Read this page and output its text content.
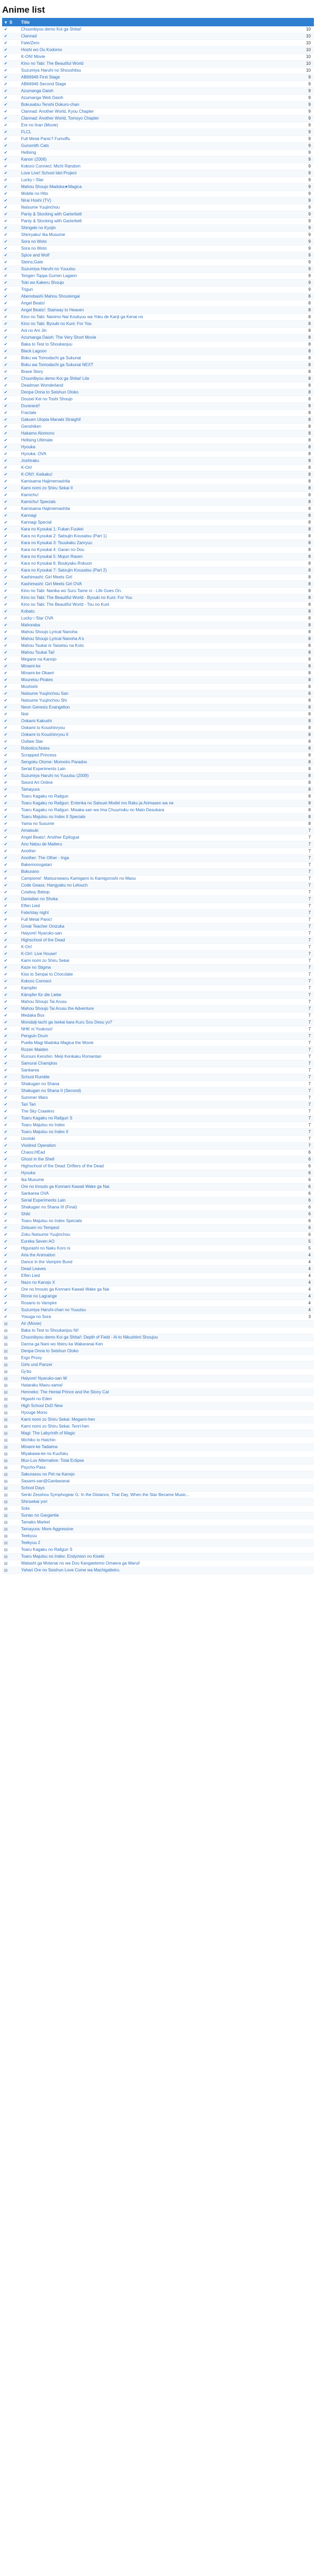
Anime list
▾ S	Title
✔	Chuunibyou demo Koi ga Shitai!	10
✔	Clannad	10
✔	Fate/Zero	10
✔	Hoshi wo Ou Kodomo	10
✔	K-ON! Movie	10
✔	Kino no Tabi: The Beautiful World	10
✔	Suzumiya Haruhi no Shoushitsu	10
✔	AB66946 First Stage	9
✔	AB66946 Second Stage	9
✔	Azumanga Daioh	9
✔	Azumanga Web Daioh	9
✔	Bokusatsu Tenshi Dokuro-chan	9
✔	Clannad: Another World, Kyou Chapter	9
✔	Clannad: Another World, Tomoyo Chapter	9
✔	Ere no Iiran (Movie)	9
✔	FLCL	9
✔	Full Metal Panic? Fumoffu	9
✔	Gunsmith Cats	9
✔	Hellsing	9
✔	Kanon (2006)	9
✔	Kokoro Connect: Michi Random	9
✔	Love Live! School Idol Project	9
✔	Lucky☆Star	9
✔	Mahou Shoujo Madoka★Magica	9
✔	Mobile no Hito	9
✔	Nirai Hoshi (TV)	9
✔	Natsume Yuujinchou	9
✔	Panty & Stocking with Garterbelt	9
✔	Panty & Stocking with Garterbelt	9
✔	Shingeki no Kyojin	9
✔	Shinryaku! Ika Musume	9
✔	Sora no Woto	9
✔	Sora no Woto	9
✔	Spice and Wolf	9
✔	Steins;Gate	9
✔	Suzumiya Haruhi no Yuuutsu	9
✔	Tengen Toppa Gurren Lagann	9
✔	Toki wo Kakeru Shoujo	9
✔	Trigun	9
✔	Abenobashi Mahou Shoutengai	8
✔	Angel Beats!	8
✔	Angel Beats!: Stairway to Heaven	8
✔	Kino no Tabi: Nanimo Nai Koukyuu wa Yoku de Kanji ga Kenai no	8
✔	Kino no Tabi: Byouki no Kuni: For You	8
✔	Aoi no Ani Jin	8
✔	Azumanga Daioh: The Very Short Movie	8
✔	Baka to Test to Shoukanjuu	8
✔	Black Lagoon	8
✔	Boku wa Tomodachi ga Sukunai	8
✔	Boku wa Tomodachi ga Sukunai NEXT	8
✔	Brave Story	8
✔	Chuunibyou demo Koi ga Shitai! Lite	8
✔	Deadman Wonderland	8
✔	Denpa Onna to Seishun Otoko	8
✔	Dousei Kei no Toshi Shoujo	8
✔	Durarara!!	8
✔	Fractale	8
✔	Gakuen Utopia Manabi Straight!	8
✔	Genshiken	8
✔	Hakamo Alomono	8
✔	Hellsing Ultimate	8
✔	Hyouka	8
✔	Hyouka: OVA	8
✔	Joshiraku	8
✔	K-On!	8
✔	K-ON!!: Keikaku!	8
✔	Kamisama Hajimemashita	8
✔	Kami nomi zo Shiru Sekai II	8
✔	Kamichu!	8
✔	Kamichu! Specials	8
✔	Kamisama Hajimemashita	8
✔	Kannagi	8
✔	Kannagi Special	8
✔	Kara no Kyoukai 1: Fukan Fuukei	8
✔	Kara no Kyoukai 2: Satsujin Kousatsu (Part 1)	8
✔	Kara no Kyoukai 3: Tsuukaku Zanryuu	8
✔	Kara no Kyoukai 4: Garan no Dou	8
✔	Kara no Kyoukai 5: Mujun Rasen	8
✔	Kara no Kyoukai 6: Boukyaku Rokuon	8
✔	Kara no Kyoukai 7: Satsujin Kousatsu (Part 2)	8
✔	Kashimashi: Girl Meets Girl	8
✔	Kashimashi: Girl Meets Girl OVA	8
✔	Kino no Tabi: Nanika wo Suru Tame ni - Life Goes On.	8
✔	Kino no Tabi: The Beautiful World - Byouki no Kuni: For You	8
✔	Kino no Tabi: The Beautiful World - Tou no Kuni	8
✔	Kobato.	8
✔	Lucky☆Star OVA	8
✔	Mahoraba	8
✔	Mahou Shoujo Lyrical Nanoha	8
✔	Mahou Shoujo Lyrical Nanoha A's	8
✔	Mahou Tsukai ni Taisetsu na Koto	8
✔	Mahou Tsukai Tai!	8
✔	Megane na Kanojo	8
✔	Minami-ke	8
✔	Minami-ke Okaeri	8
✔	Mouretsu Pirates	8
✔	Mushishi	8
✔	Natsume Yuujinchou San	8
✔	Natsume Yuujinchou Shi	8
✔	Neon Genesis Evangelion	8
✔	Noir	8
✔	Ookami Kakushi	8
✔	Ookami to Koushinryou	8
✔	Ookami to Koushinryou II	8
✔	Outlaw Star	8
✔	Robotics;Notes	8
✔	Scrapped Princess	8
✔	Sengoku Otome: Momoiro Paradox	8
✔	Serial Experiments Lain	8
✔	Suzumiya Haruhi no Yuuutsu (2009)	8
✔	Sword Art Online	8
✔	Tamayura	8
✔	Toaru Kagaku no Railgun	8
✔	Toaru Kagaku no Railgun: Entenka no Satsuei Model mo Raku ja Arimasen wa ne	8
✔	Toaru Kagaku no Railgun: Misaka-san wa Ima Chuumoku no Mato Desukara	8
✔	Toaru Majutsu no Index II Specials	8
✔	Yama no Susume	8
✔	Amatsuki	7
✔	Angel Beats!: Another Epilogue	7
✔	Ano Natsu de Matteru	7
✔	Another	7
✔	Another: The Other - Inga	7
✔	Bakemonogatari	7
✔	Bokurano	7
✔	Campione!: Matsurowanu Kamigami to Kamigoroshi no Maou	7
✔	Code Geass: Hangyaku no Lelouch	7
✔	Cowboy Bebop	7
✔	Dantalian no Shoka	7
✔	Elfen Lied	7
✔	Fate/stay night	7
✔	Full Metal Panic!	7
✔	Great Teacher Onizuka	7
✔	Haiyore! Nyaruko-san	7
✔	Highschool of the Dead	7
✔	K-On!	7
✔	K-On!: Live House!	7
✔	Kami nomi zo Shiru Sekai	7
✔	Kaze no Stigma	7
✔	Kiss to Senpai to Chocolate	7
✔	Kokoro Connect	7
✔	Kampfer	7
✔	Kämpfer für die Liebe	7
✔	Mahou Shoujo Tai Arusu	7
✔	Mahou Shoujo Tai Arusu the Adventure	7
✔	Medaka Box	7
✔	Mondaiji-tachi ga Isekai kara Kuru Sou Desu yo?	7
✔	NHK ni Youkoso!	7
✔	Penguin Drum	7
✔	Puella Magi Madoka Magica the Movie	7
✔	Rozen Maiden	7
✔	Rurouni Kenshin: Meiji Kenkaku Romantan	7
✔	Samurai Champloo	7
✔	Sankarea	7
✔	School Rumble	7
✔	Shakugan no Shana	7
✔	Shakugan no Shana II (Second)	7
✔	Summer Wars	7
✔	Tari Tari	7
✔	The Sky Crawlers	7
✔	Toaru Kagaku no Railgun S	7
✔	Toaru Majutsu no Index	7
✔	Toaru Majutsu no Index II	7
✔	Usotoki	7
✔	Vividred Operation	7
✔	Chaos;HEad	6
✔	Ghost in the Shell	6
✔	Highschool of the Dead: Drifters of the Dead	6
✔	Hyouka	6
✔	Ika Musume	6
✔	Ore no Imouto ga Konnani Kawaii Wake ga Nai.	6
✔	Sankarea OVA	6
✔	Serial Experiments Lain	6
✔	Shakugan no Shana III (Final)	6
✔	Shiki	6
✔	Toaru Majutsu no Index Specials	6
✔	Zetsuen no Tempest	6
✔	Zoku Natsume Yuujinchou	6
✔	Eureka Seven AO	5
✔	Higurashi no Naku Koro ni	5
✔	Aria the Animation	4
✔	Dance in the Vampire Bund	4
✔	Dead Leaves	4
✔	Elfen Lied	4
✔	Nazo no Kanojo X	4
✔	Ore no Imouto ga Konnani Kawaii Wake ga Nai	4
✔	Rinne no Lagrange	4
✔	Rosario to Vampire	4
✔	Suzumiya Haruhi-chan no Yuuutsu	4
✔	Yosuga no Sora	3
▤	Air (Movie)
▤	Baka to Test to Shoukanjuu Ni!
▤	Chuunibyou demo Koi ga Shitai!: Depth of Field - Ai to Nikushimi Shoujou
▤	Danna ga Nani wo Itteiru ka Wakaranai Ken
▤	Denpa Onna to Seishun Otoko
▤	Ergo Proxy
▤	Girls und Panzer
▤	Gj-bu
▤	Haiyore! Nyaruko-san W
▤	Hataraku Maou-sama!
▤	Henneko: The Hentai Prince and the Stony Cat
▤	Higashi no Eden
▤	High School DxD New
▤	Hyouge Mono
▤	Kami nomi zo Shiru Sekai: Megami-hen
▤	Kami nomi zo Shiru Sekai: Tenri-hen
▤	Magi: The Labyrinth of Magic
▤	Michiko to Hatchin
▤	Minami-ke Tadaima
▤	Miyakawa-ke no Kuufuku
▤	Muv-Luv Alternative: Total Eclipse
▤	Psycho-Pass
▤	Sakurasou no Pet na Kanojo
▤	Sasami-san@Ganbaranai
▤	School Days
▤	Senki Zesshou Symphogear G: In the Distance, That Day, When the Star Became Music...
▤	Shinsekai yori
▤	Sola
▤	Sunao no Gargantia
▤	Tamako Market
▤	Tamayura: More Aggressive
▤	Teekyuu
▤	Teekyuu 2
▤	Toaru Kagaku no Railgun S
▤	Toaru Majutsu no Index: Endymion no Kiseki
▤	Watashi ga Motenai no wa Dou Kangaetemo Omaera ga Warui!
▤	Yahari Ore no Seishun Love Come wa Machigatteiru.
